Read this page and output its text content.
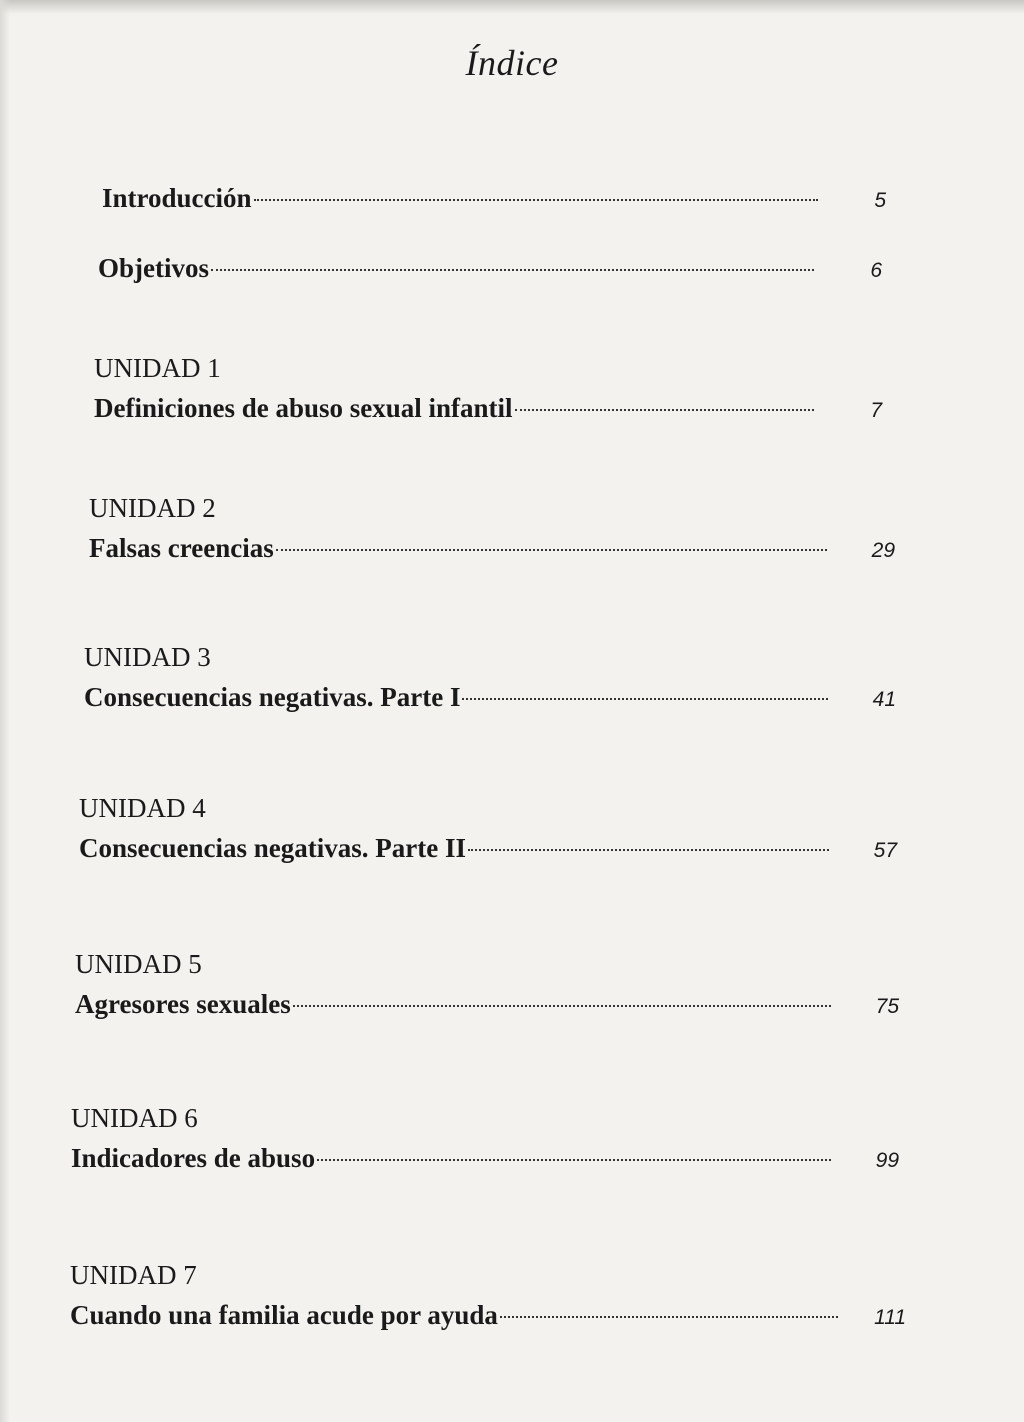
Índice
Introducción	5
Objetivos	6
UNIDAD 1
Definiciones de abuso sexual infantil	7
UNIDAD 2
Falsas creencias	29
UNIDAD 3
Consecuencias negativas. Parte I	41
UNIDAD 4
Consecuencias negativas. Parte II	57
UNIDAD 5
Agresores sexuales	75
UNIDAD 6
Indicadores de abuso	99
UNIDAD 7
Cuando una familia acude por ayuda	111
